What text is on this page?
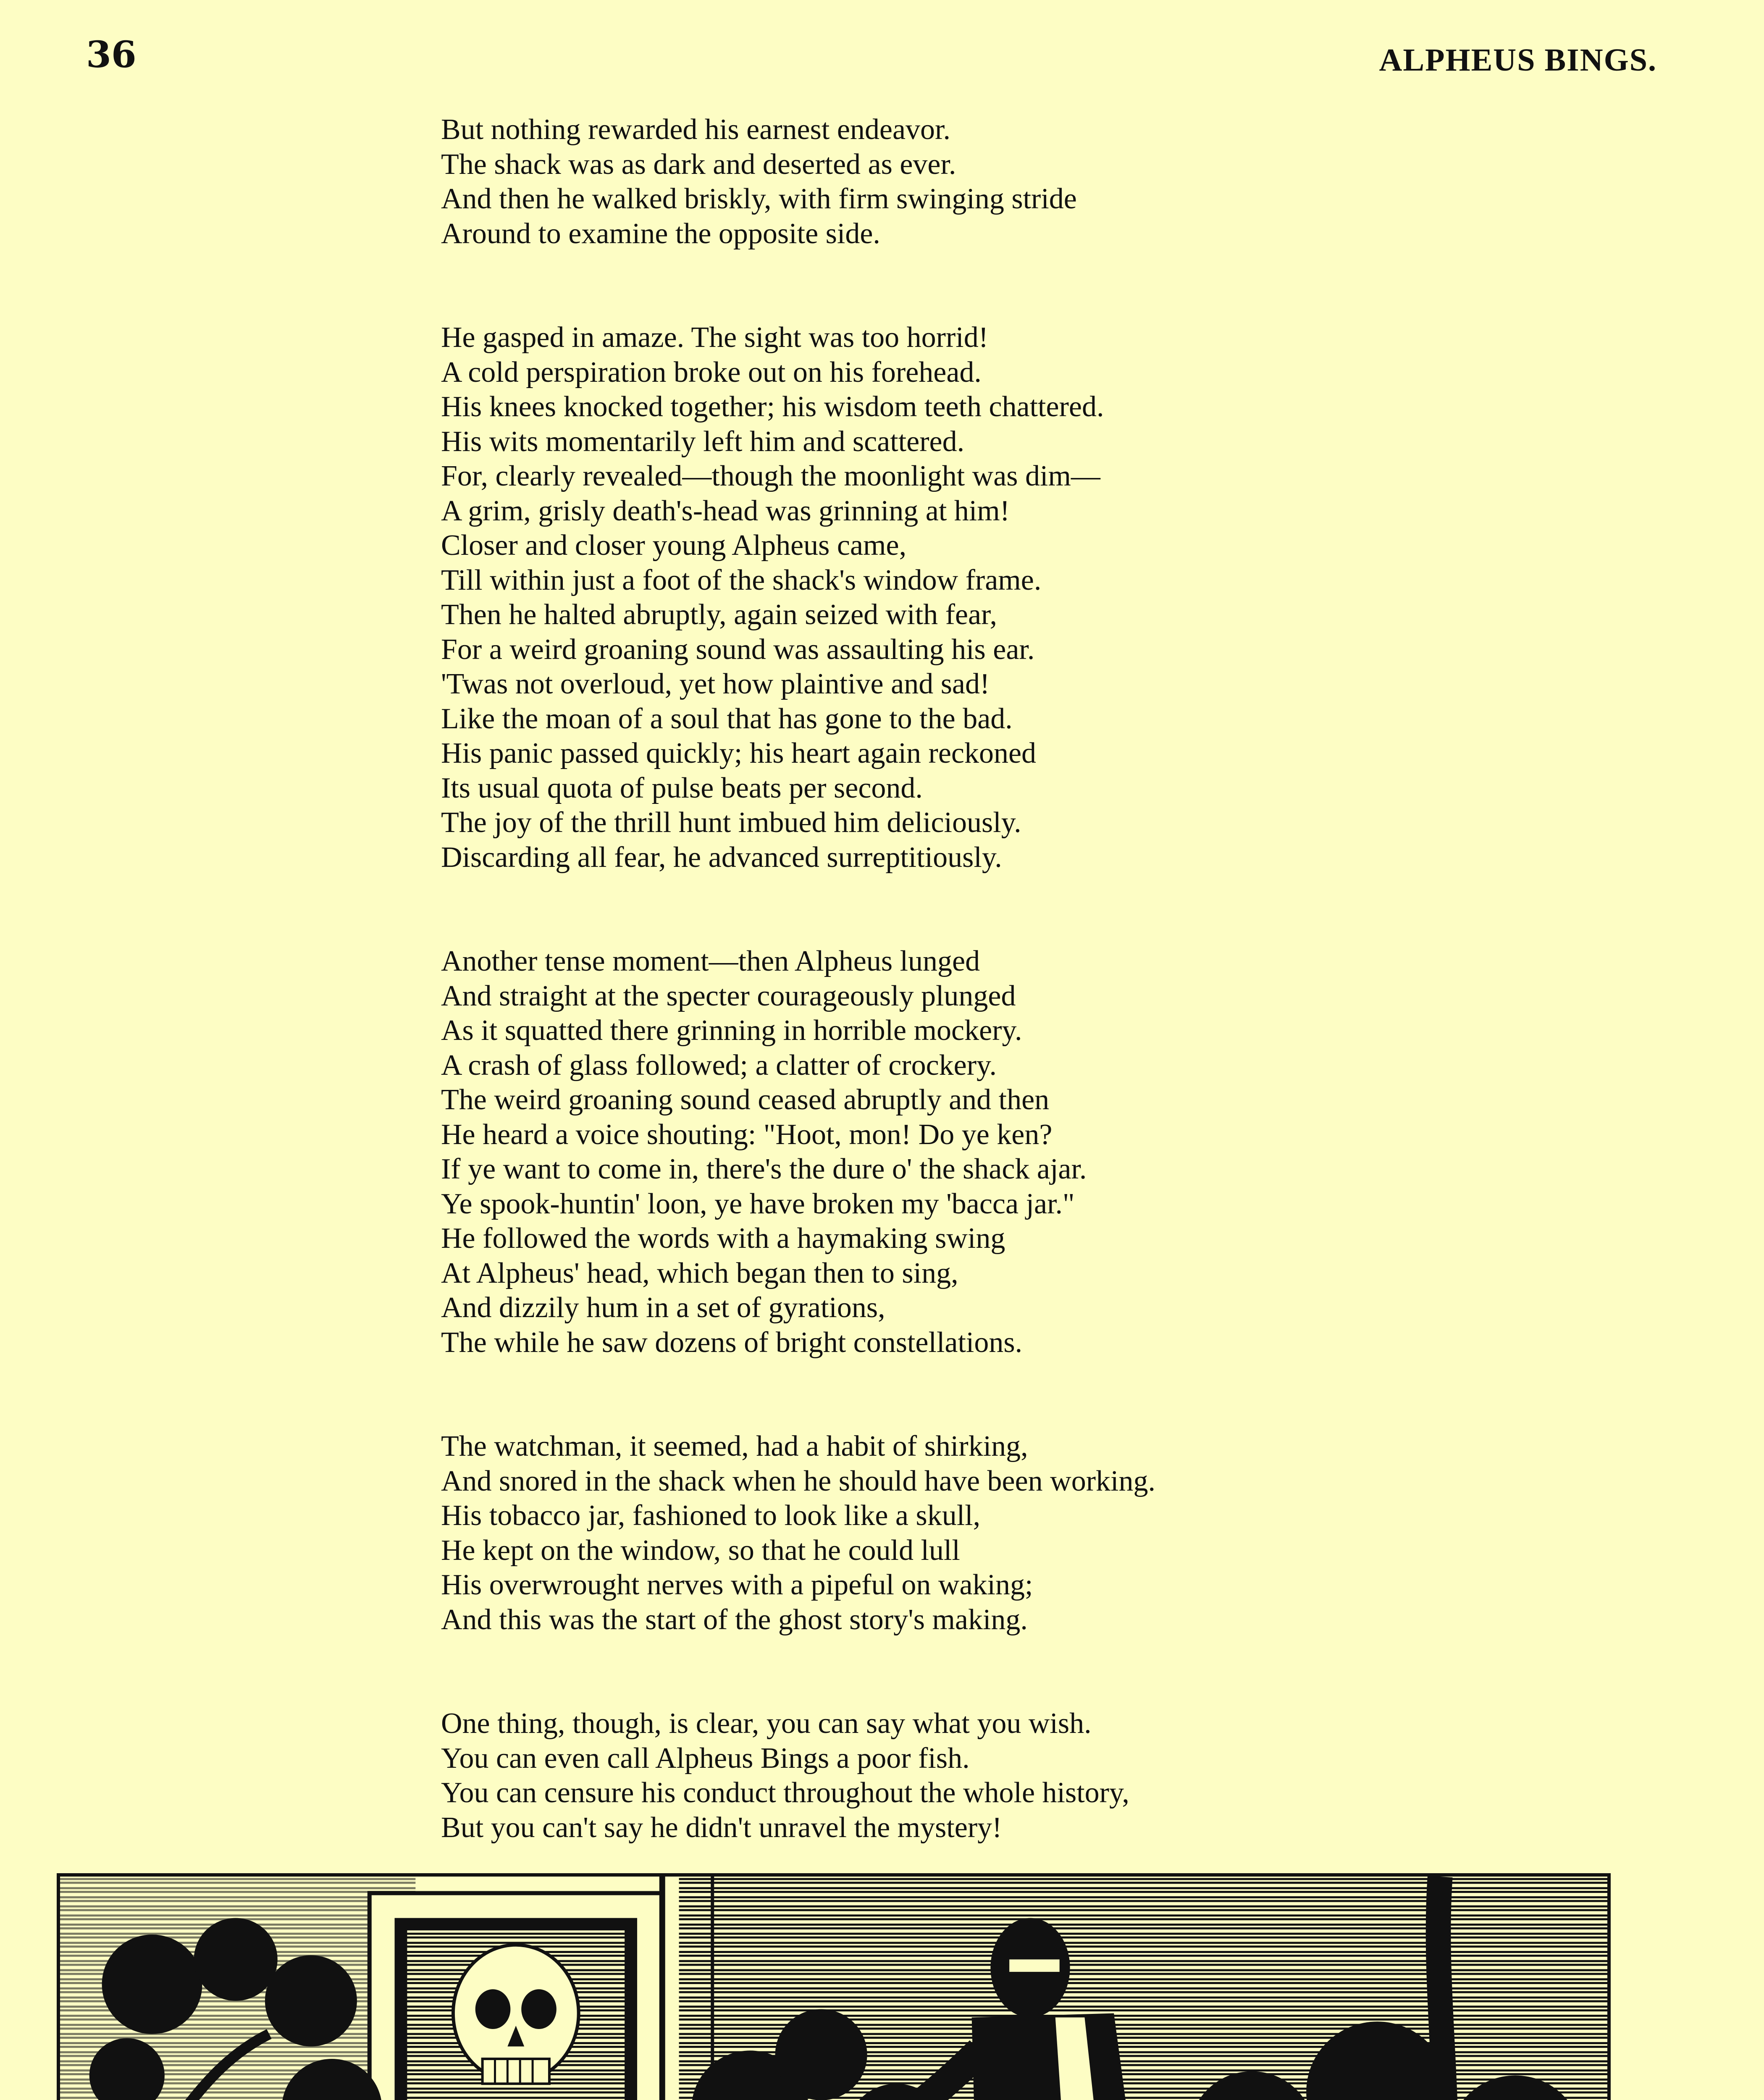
36	ALPHEUS BINGS.
But nothing rewarded his earnest endeavor.
The shack was as dark and deserted as ever.
And then he walked briskly, with firm swinging stride
Around to examine the opposite side.
He gasped in amaze. The sight was too horrid!
A cold perspiration broke out on his forehead.
His knees knocked together; his wisdom teeth chattered.
His wits momentarily left him and scattered.
For, clearly revealed—though the moonlight was dim—
A grim, grisly death's-head was grinning at him!
Closer and closer young Alpheus came,
Till within just a foot of the shack's window frame.
Then he halted abruptly, again seized with fear,
For a weird groaning sound was assaulting his ear.
'Twas not overloud, yet how plaintive and sad!
Like the moan of a soul that has gone to the bad.
His panic passed quickly; his heart again reckoned
Its usual quota of pulse beats per second.
The joy of the thrill hunt imbued him deliciously.
Discarding all fear, he advanced surreptitiously.
Another tense moment—then Alpheus lunged
And straight at the specter courageously plunged
As it squatted there grinning in horrible mockery.
A crash of glass followed; a clatter of crockery.
The weird groaning sound ceased abruptly and then
He heard a voice shouting: "Hoot, mon! Do ye ken?
If ye want to come in, there's the dure o' the shack ajar.
Ye spook-huntin' loon, ye have broken my 'bacca jar."
He followed the words with a haymaking swing
At Alpheus' head, which began then to sing,
And dizzily hum in a set of gyrations,
The while he saw dozens of bright constellations.
The watchman, it seemed, had a habit of shirking,
And snored in the shack when he should have been working.
His tobacco jar, fashioned to look like a skull,
He kept on the window, so that he could lull
His overwrought nerves with a pipeful on waking;
And this was the start of the ghost story's making.
One thing, though, is clear, you can say what you wish.
You can even call Alpheus Bings a poor fish.
You can censure his conduct throughout the whole history,
But you can't say he didn't unravel the mystery!
